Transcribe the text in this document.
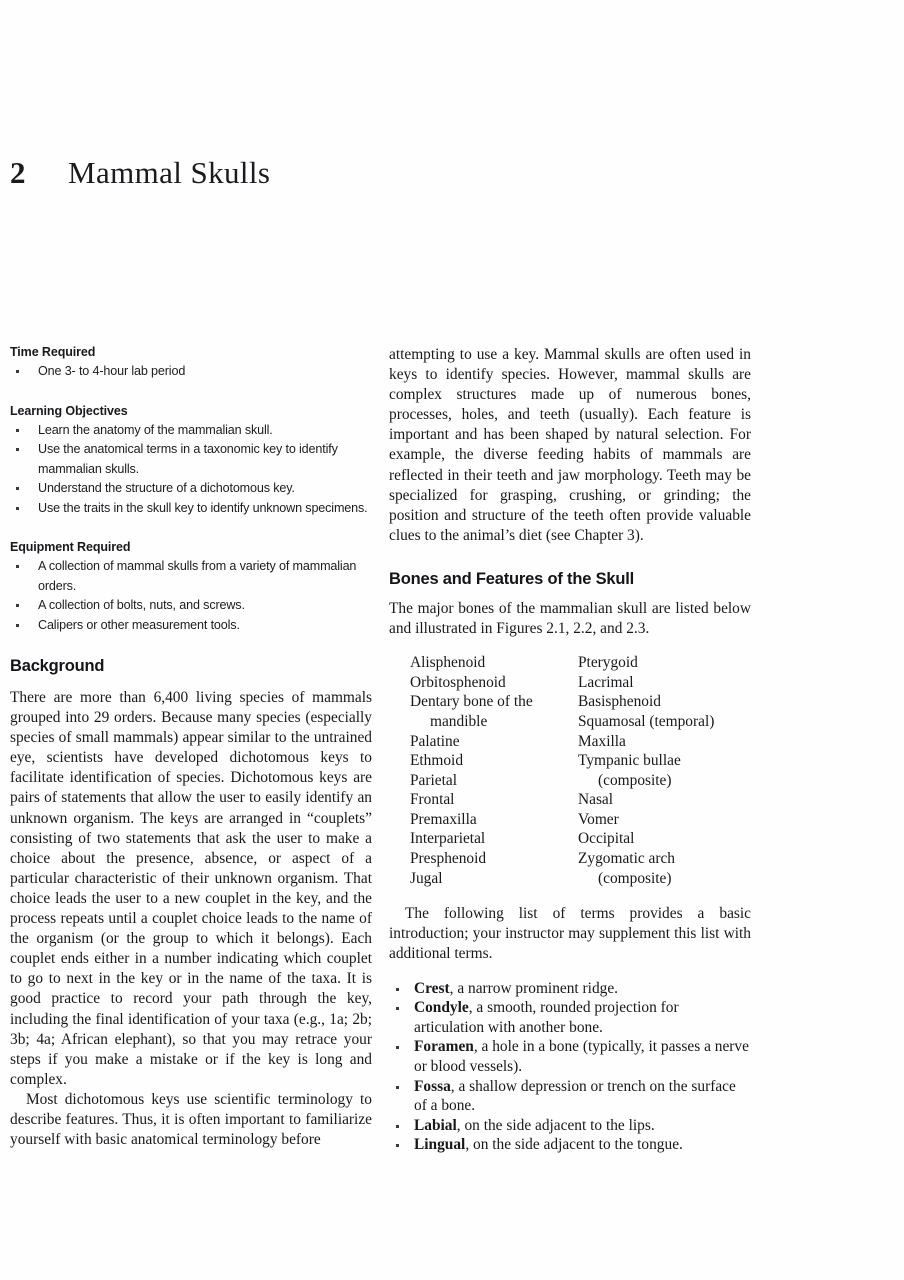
2	Mammal Skulls
Time Required
One 3- to 4-hour lab period
Learning Objectives
Learn the anatomy of the mammalian skull.
Use the anatomical terms in a taxonomic key to identify mammalian skulls.
Understand the structure of a dichotomous key.
Use the traits in the skull key to identify unknown specimens.
Equipment Required
A collection of mammal skulls from a variety of mammalian orders.
A collection of bolts, nuts, and screws.
Calipers or other measurement tools.
Background

There are more than 6,400 living species of mammals grouped into 29 orders. Because many species (especially species of small mammals) appear similar to the untrained eye, scientists have developed dichotomous keys to facilitate identification of species. Dichotomous keys are pairs of statements that allow the user to easily identify an unknown organism. The keys are arranged in “couplets” consisting of two statements that ask the user to make a choice about the presence, absence, or aspect of a particular characteristic of their unknown organism. That choice leads the user to a new couplet in the key, and the process repeats until a couplet choice leads to the name of the organism (or the group to which it belongs). Each couplet ends either in a number indicating which couplet to go to next in the key or in the name of the taxa. It is good practice to record your path through the key, including the final identification of your taxa (e.g., 1a; 2b; 3b; 4a; African elephant), so that you may retrace your steps if you make a mistake or if the key is long and complex.

Most dichotomous keys use scientific terminology to describe features. Thus, it is often important to familiarize yourself with basic anatomical terminology before

attempting to use a key. Mammal skulls are often used in keys to identify species. However, mammal skulls are complex structures made up of numerous bones, processes, holes, and teeth (usually). Each feature is important and has been shaped by natural selection. For example, the diverse feeding habits of mammals are reflected in their teeth and jaw morphology. Teeth may be specialized for grasping, crushing, or grinding; the position and structure of the teeth often provide valuable clues to the animal’s diet (see Chapter 3).

Bones and Features of the Skull

The major bones of the mammalian skull are listed below and illustrated in Figures 2.1, 2.2, and 2.3.

Alisphenoid
Orbitosphenoid
Dentary bone of the
mandible
Palatine
Ethmoid
Parietal
Frontal
Premaxilla
Interparietal
Presphenoid
Jugal
Pterygoid
Lacrimal
Basisphenoid
Squamosal (temporal)
Maxilla
Tympanic bullae
(composite)
Nasal
Vomer
Occipital
Zygomatic arch
(composite)

The following list of terms provides a basic introduction; your instructor may supplement this list with additional terms.

Crest, a narrow prominent ridge.
Condyle, a smooth, rounded projection for articulation with another bone.
Foramen, a hole in a bone (typically, it passes a nerve or blood vessels).
Fossa, a shallow depression or trench on the surface of a bone.
Labial, on the side adjacent to the lips.
Lingual, on the side adjacent to the tongue.
